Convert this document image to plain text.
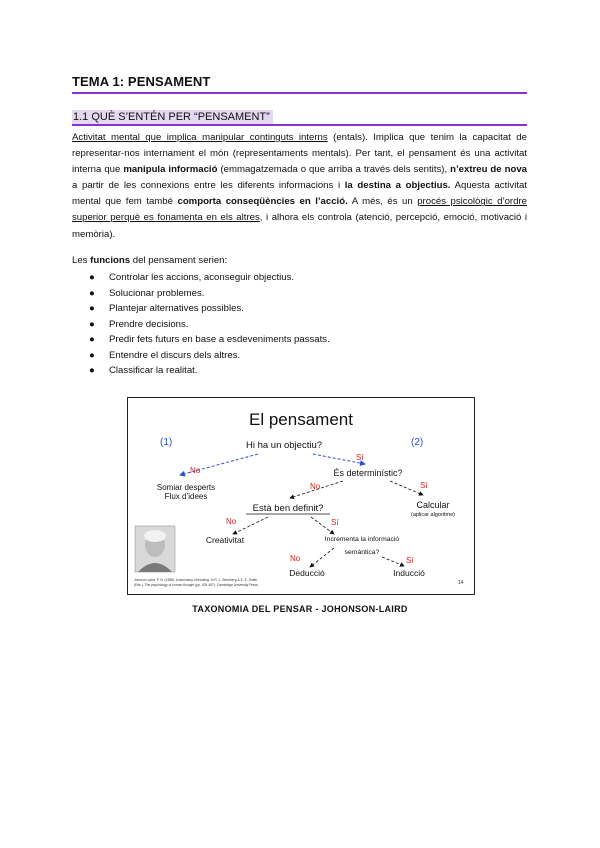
TEMA 1: PENSAMENT
1.1 QUÈ S’ENTÉN PER “PENSAMENT”
Activitat mental que implica manipular continguts interns (entals). Implica que tenim la capacitat de representar-nos internament el món (representaments mentals). Per tant, el pensament és una activitat interna que manipula informació (emmagatzemada o que arriba a través dels sentits), n’extreu de nova a partir de les connexions entre les diferents informacions i la destina a objectius. Aquesta activitat mental que fem també comporta conseqüències en l’acció. A més, és un procés psicològic d’ordre superior perquè es fonamenta en els altres, i alhora els controla (atenció, percepció, emoció, motivació i memòria).
Les funcions del pensament serien:
● Controlar les accions, aconseguir objectius.
● Solucionar problemes.
● Plantejar alternatives possibles.
● Prendre decisions.
● Predir fets futurs en base a esdeveniments passats.
● Entendre el discurs dels altres.
● Classificar la realitat.
El pensament
(1)	(2)
Hi ha un objectiu?
No
Sí
Somiar desperts
Flux d’idees
És determinístic?
No	Sí
Està ben definit?	Calcular
(aplicar algoritme)
No	Sí
Creativitat	Incrementa la informació
semàntica?
No	Sí
Deducció	Inducció
Johnson-Laird, P. N. (1988). A taxonomy of thinking. In R. J. Sternberg & E. E. Smith
(Eds.), The psychology of human thought (pp. 429-457). Cambridge University Press.	14
TAXONOMIA DEL PENSAR - JOHONSON-LAIRD
